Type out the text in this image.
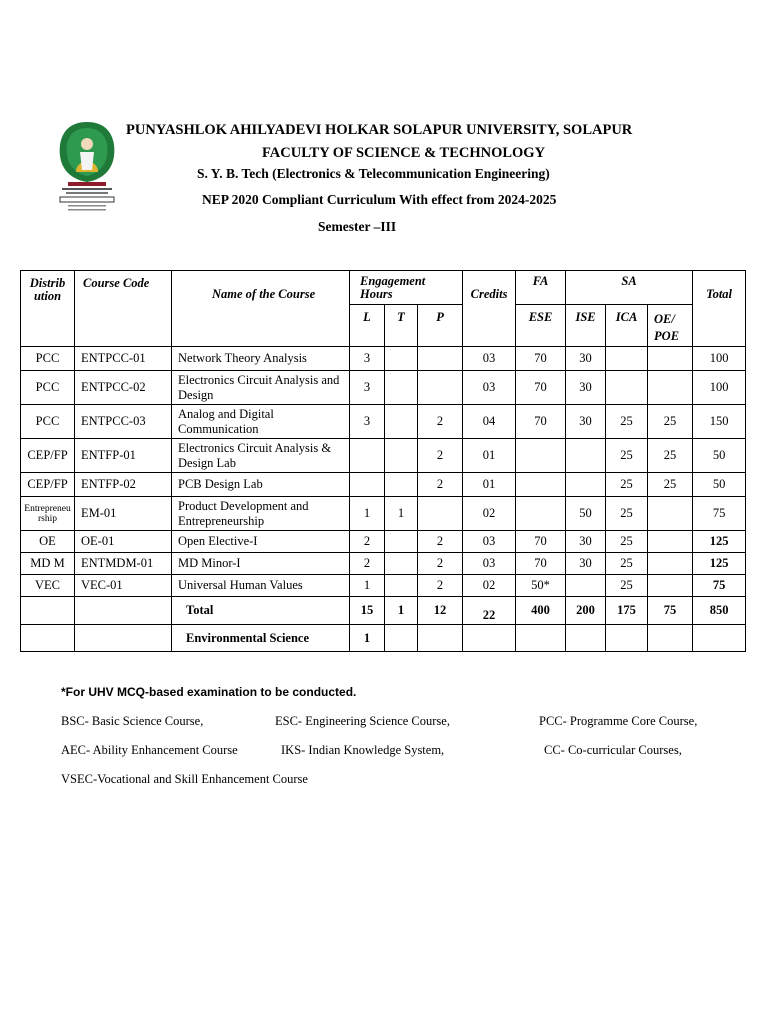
PUNYASHLOK AHILYADEVI HOLKAR SOLAPUR UNIVERSITY, SOLAPUR
FACULTY OF SCIENCE & TECHNOLOGY
S. Y. B. Tech (Electronics & Telecommunication Engineering)
NEP 2020 Compliant Curriculum With effect from 2024-2025
Semester –III
Distrib ution	Course Code	Name of the Course	Engagement Hours			Credits	FA	SA			Total
			L	T	P		ESE	ISE	ICA	OE/ POE	
PCC	ENTPCC-01	Network Theory Analysis	3			03	70	30			100
PCC	ENTPCC-02	Electronics Circuit Analysis and Design	3			03	70	30			100
PCC	ENTPCC-03	Analog and Digital Communication	3		2	04	70	30	25	25	150
CEP/FP	ENTFP-01	Electronics Circuit Analysis & Design Lab			2	01			25	25	50
CEP/FP	ENTFP-02	PCB Design Lab			2	01			25	25	50
Entrepreneu rship	EM-01	Product Development and Entrepreneurship	1	1		02		50	25		75
OE	OE-01	Open Elective-I	2		2	03	70	30	25		125
MD M	ENTMDM-01	MD Minor-I	2		2	03	70	30	25		125
VEC	VEC-01	Universal Human Values	1		2	02	50*		25		75
		Total	15	1	12	22	400	200	175	75	850
		Environmental Science	1								
*For UHV MCQ-based examination to be conducted.
BSC- Basic Science Course,	ESC- Engineering Science Course,	PCC- Programme Core Course,
AEC- Ability Enhancement Course	IKS- Indian Knowledge System,	CC- Co-curricular Courses,
VSEC-Vocational and Skill Enhancement Course
